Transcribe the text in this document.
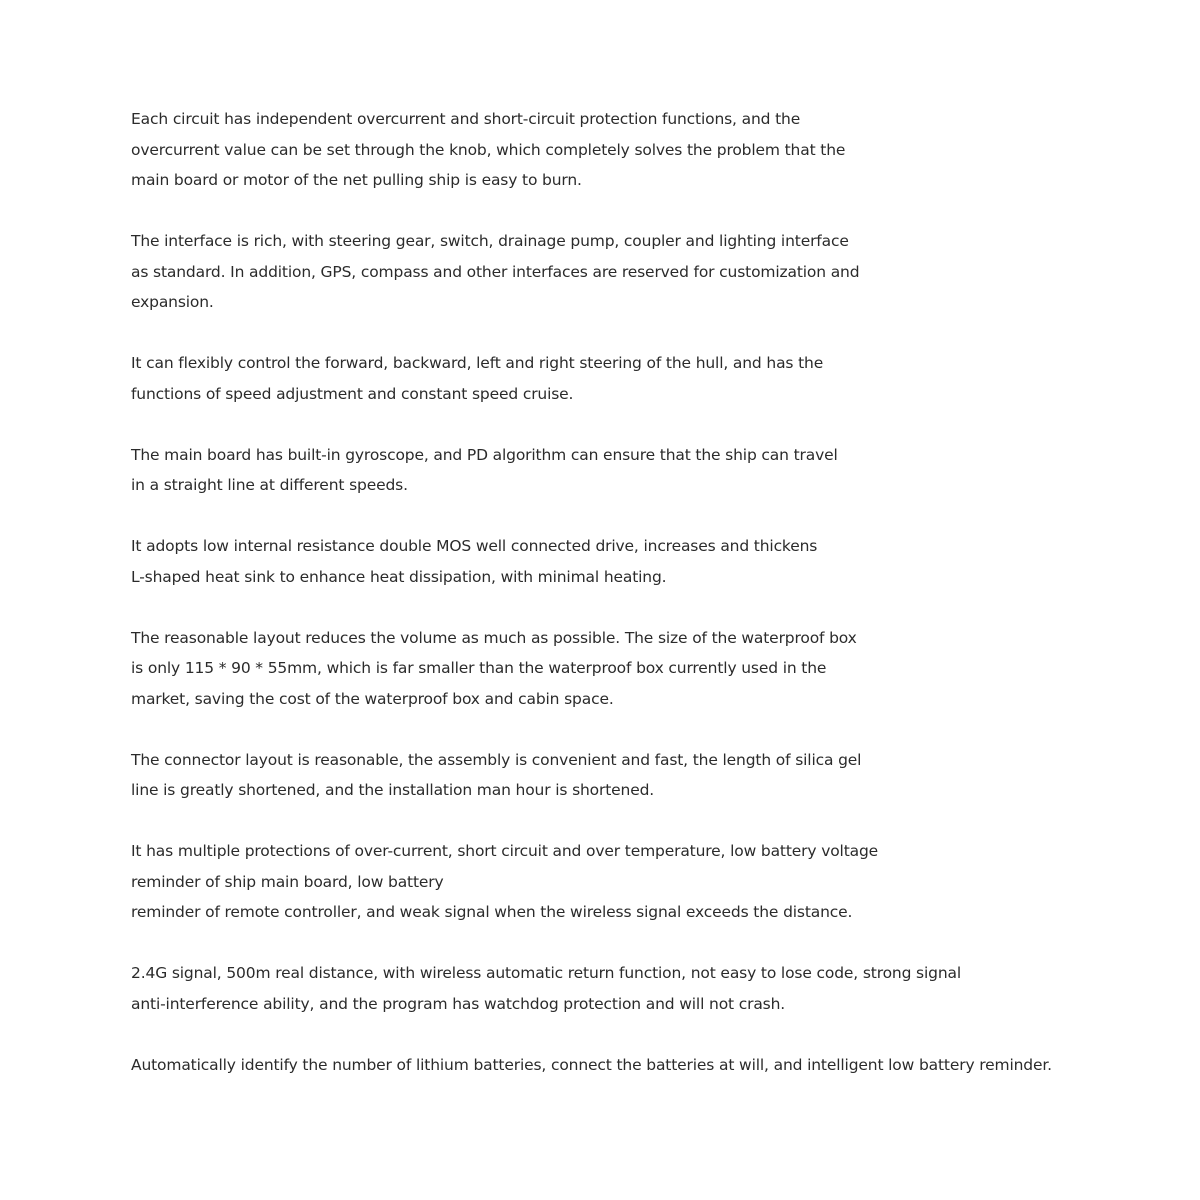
Each circuit has independent overcurrent and short-circuit protection functions, and the
overcurrent value can be set through the knob, which completely solves the problem that the
main board or motor of the net pulling ship is easy to burn.

The interface is rich, with steering gear, switch, drainage pump, coupler and lighting interface
as standard. In addition, GPS, compass and other interfaces are reserved for customization and
expansion.

It can flexibly control the forward, backward, left and right steering of the hull, and has the
functions of speed adjustment and constant speed cruise.

The main board has built-in gyroscope, and PD algorithm can ensure that the ship can travel
in a straight line at different speeds.

It adopts low internal resistance double MOS well connected drive, increases and thickens
L-shaped heat sink to enhance heat dissipation, with minimal heating.

The reasonable layout reduces the volume as much as possible. The size of the waterproof box
is only 115 * 90 * 55mm, which is far smaller than the waterproof box currently used in the
market, saving the cost of the waterproof box and cabin space.

The connector layout is reasonable, the assembly is convenient and fast, the length of silica gel
line is greatly shortened, and the installation man hour is shortened.

It has multiple protections of over-current, short circuit and over temperature, low battery voltage
reminder of ship main board, low battery
reminder of remote controller, and weak signal when the wireless signal exceeds the distance.

2.4G signal, 500m real distance, with wireless automatic return function, not easy to lose code, strong signal
anti-interference ability, and the program has watchdog protection and will not crash.

Automatically identify the number of lithium batteries, connect the batteries at will, and intelligent low battery reminder.
